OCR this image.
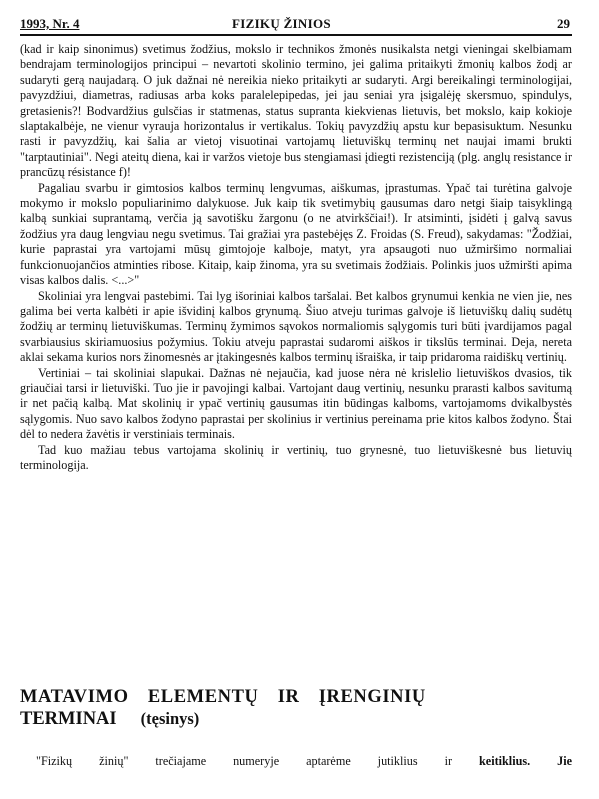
1993, Nr. 4	FIZIKŲ ŽINIOS	29

(kad ir kaip sinonimus) svetimus žodžius, mokslo ir technikos žmonės nusikalsta netgi vieningai skelbiamam bendrajam terminologijos principui – nevartoti skolinio termino, jei galima pritaikyti žmonių kalbos žodį ar sudaryti gerą naujadarą. O juk dažnai nė nereikia nieko pritaikyti ar sudaryti. Argi bereikalingi terminologijai, pavyzdžiui, diametras, radiusas arba koks paralelepipedas, jei jau seniai yra įsigalėję skersmuo, spindulys, gretasienis?! Bodvardžius gulsčias ir statmenas, status supranta kiekvienas lietuvis, bet mokslo, kaip kokioje slaptakalbėje, ne vienur vyrauja horizontalus ir vertikalus. Tokių pavyzdžių apstu kur bepasisuktum. Nesunku rasti ir pavyzdžių, kai šalia ar vietoj visuotinai vartojamų lietuviškų terminų net naujai imami brukti "tarptautiniai". Negi ateitų diena, kai ir varžos vietoje bus stengiamasi įdiegti rezistenciją (plg. anglų resistance ir prancūzų résistance f)!

Pagaliau svarbu ir gimtosios kalbos terminų lengvumas, aiškumas, įprastumas. Ypač tai turėtina galvoje mokymo ir mokslo populiarinimo dalykuose. Juk kaip tik svetimybių gausumas daro netgi šiaip taisyklingą kalbą sunkiai suprantamą, verčia ją savotišku žargonu (o ne atvirkščiai!). Ir atsiminti, įsidėti į galvą savus žodžius yra daug lengviau negu svetimus. Tai gražiai yra pastebėjęs Z. Froidas (S. Freud), sakydamas: "Žodžiai, kurie paprastai yra vartojami mūsų gimtojoje kalboje, matyt, yra apsaugoti nuo užmiršimo normaliai funkcionuojančios atminties ribose. Kitaip, kaip žinoma, yra su svetimais žodžiais. Polinkis juos užmiršti apima visas kalbos dalis. <...>"

Skoliniai yra lengvai pastebimi. Tai lyg išoriniai kalbos taršalai. Bet kalbos grynumui kenkia ne vien jie, nes galima bei verta kalbėti ir apie išvidinį kalbos grynumą. Šiuo atveju turimas galvoje iš lietuviškų dalių sudėtų žodžių ar terminų lietuviškumas. Terminų žymimos sąvokos normaliomis sąlygomis turi būti įvardijamos pagal svarbiausius skiriamuosius požymius. Tokiu atveju paprastai sudaromi aiškos ir tikslūs terminai. Deja, nereta aklai sekama kurios nors žinomesnės ar įtakingesnės kalbos terminų išraiška, ir taip pridaroma raidiškų vertinių.

Vertiniai – tai skoliniai slapukai. Dažnas nė nejaučia, kad juose nėra nė krislelio lietuviškos dvasios, tik griaučiai tarsi ir lietuviški. Tuo jie ir pavojingi kalbai. Vartojant daug vertinių, nesunku prarasti kalbos savitumą ir net pačią kalbą. Mat skolinių ir ypač vertinių gausumas itin būdingas kalboms, vartojamoms dvikalbystės sąlygomis. Nuo savo kalbos žodyno paprastai per skolinius ir vertinius pereinama prie kitos kalbos žodyno. Štai dėl to nedera žavėtis ir verstiniais terminais.

Tad kuo mažiau tebus vartojama skolinių ir vertinių, tuo grynesnė, tuo lietuviškesnė bus lietuvių terminologija.

MATAVIMO ELEMENTŲ IR ĮRENGINIŲ
TERMINAI (tęsinys)
"Fizikų žinių" trečiajame numeryje aptarėme jutiklius ir keitiklius. Jie
